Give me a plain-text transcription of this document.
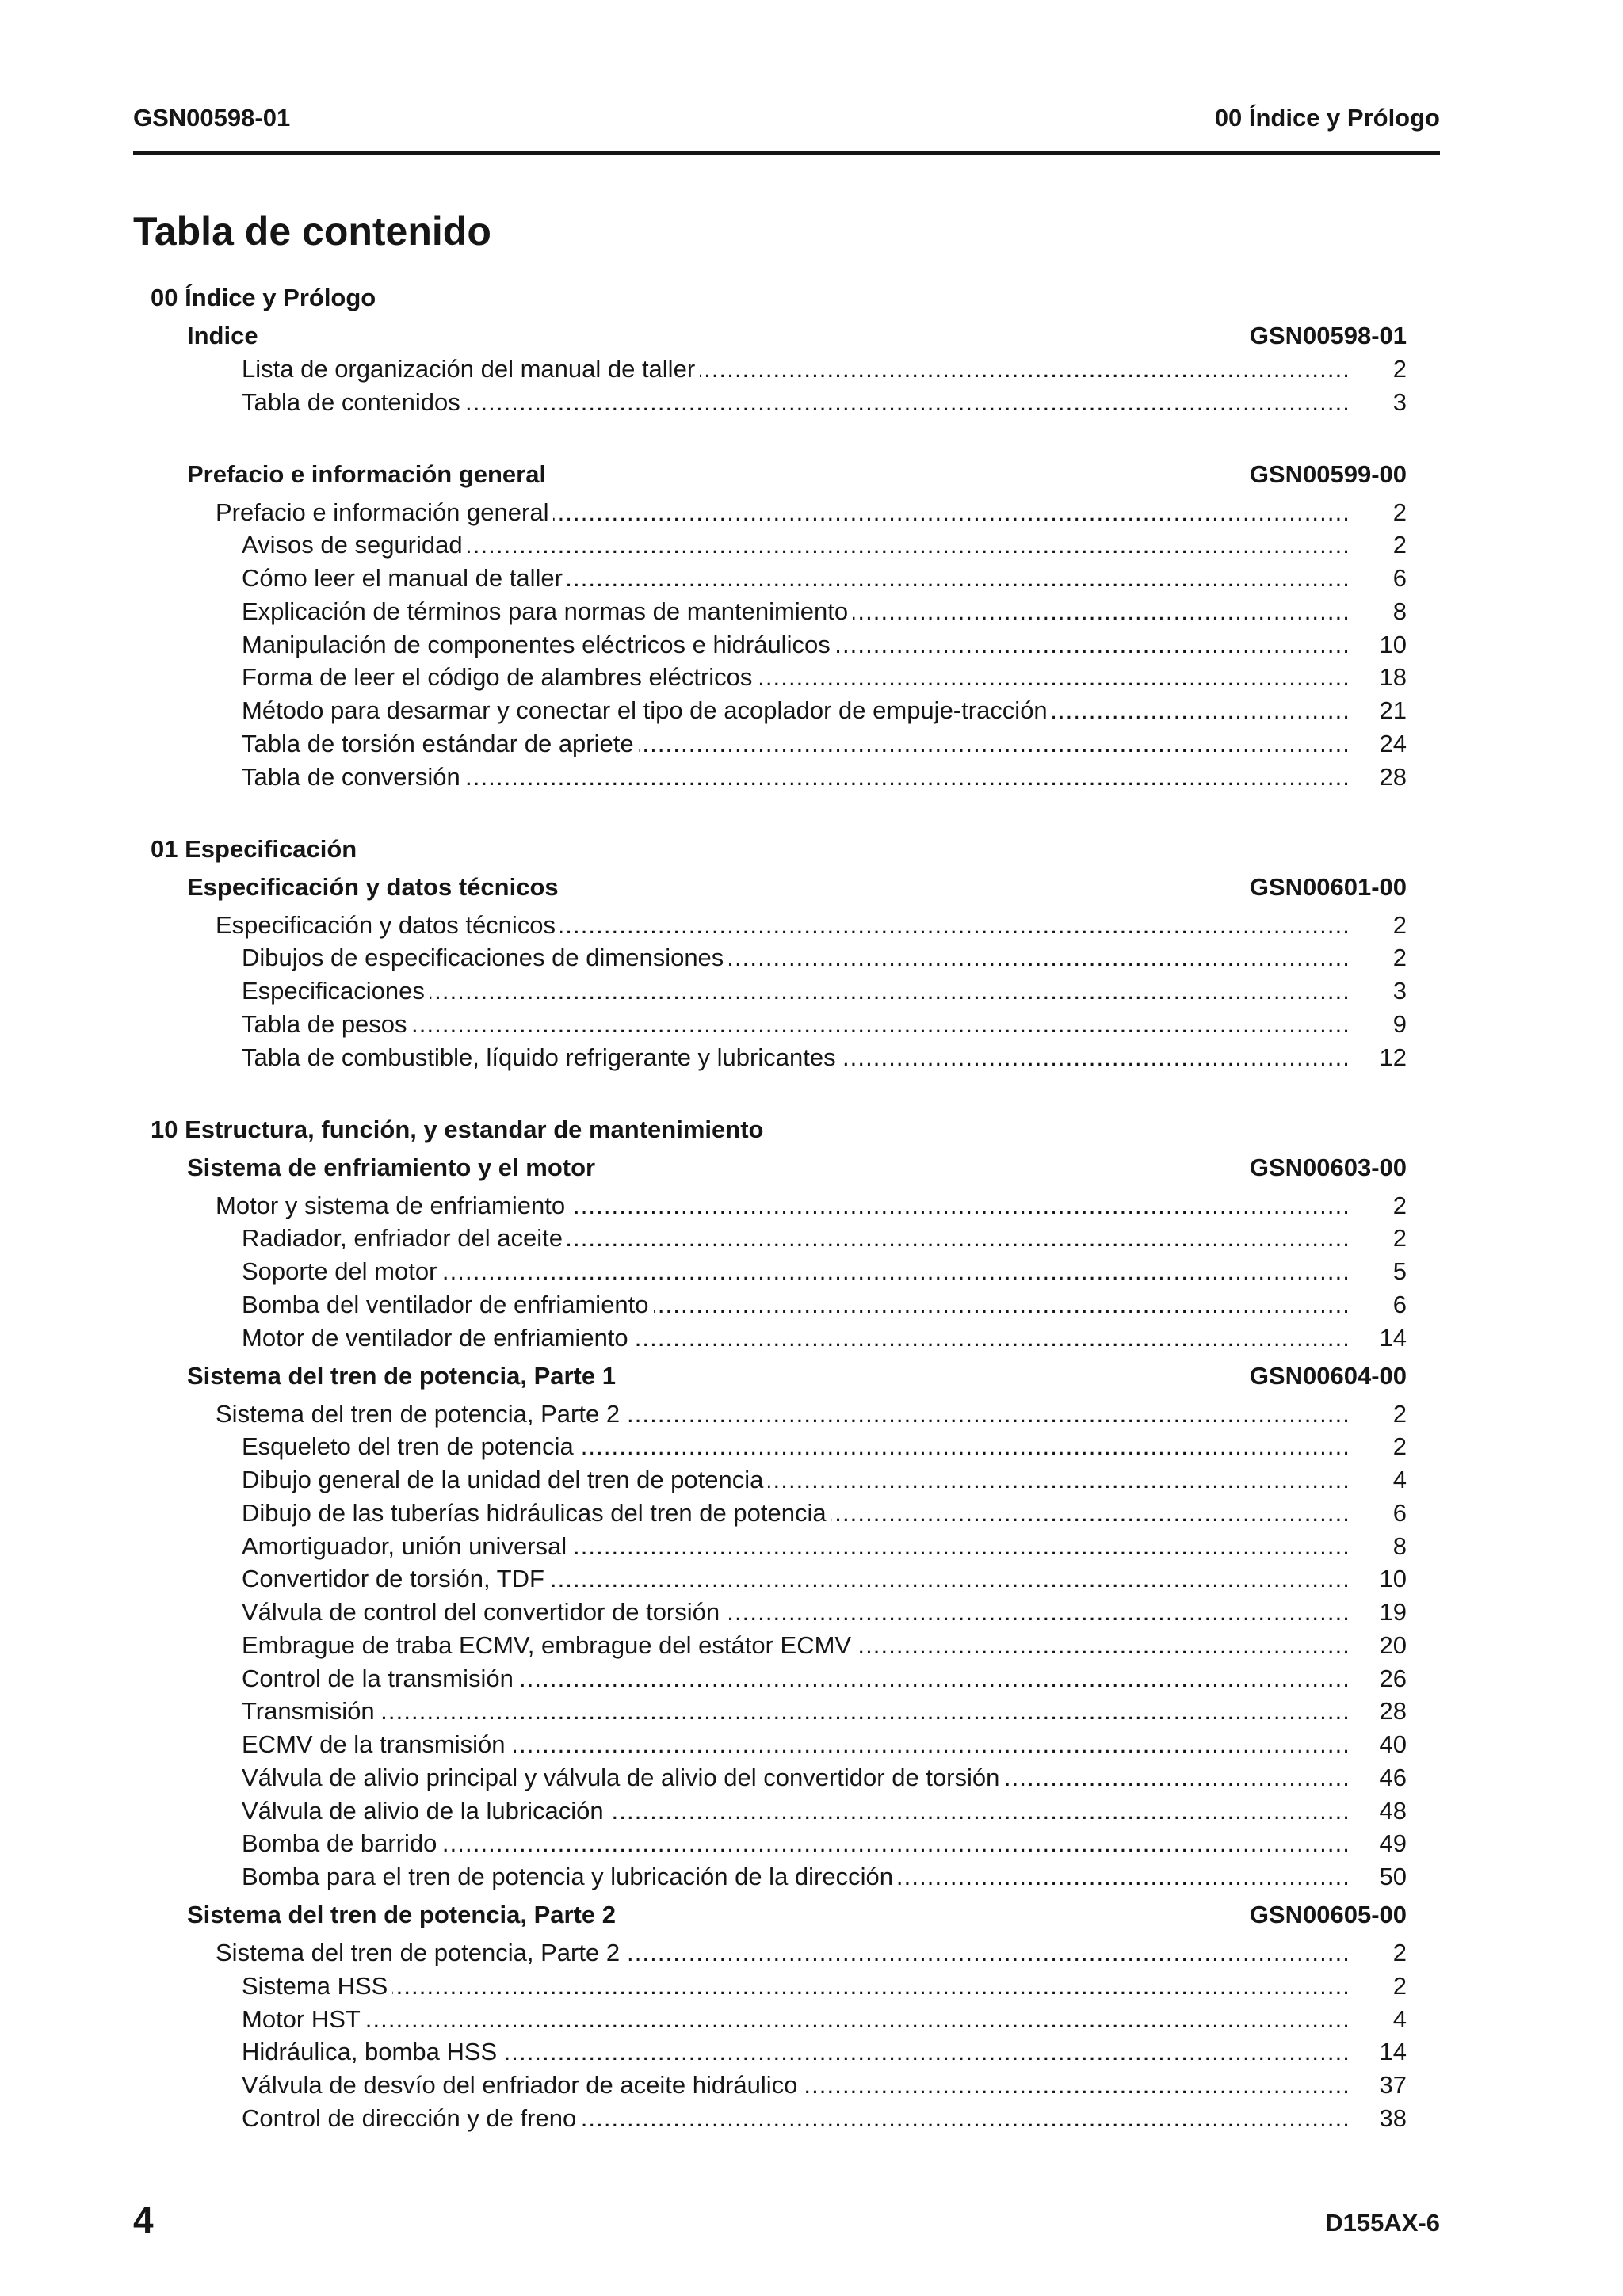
GSN00598-01	00 Índice y Prólogo
Tabla de contenido
00 Índice y Prólogo
Indice	GSN00598-01
Lista de organización del manual de taller .....	2
Tabla de contenidos .....	3
Prefacio e información general	GSN00599-00
Prefacio e información general .....	2
Avisos de seguridad .....	2
Cómo leer el manual de taller .....	6
Explicación de términos para normas de mantenimiento .....	8
Manipulación de componentes eléctricos e hidráulicos .....	10
Forma de leer el código de alambres eléctricos .....	18
Método para desarmar y conectar el tipo de acoplador de empuje-tracción .....	21
Tabla de torsión estándar de apriete .....	24
Tabla de conversión .....	28
01 Especificación
Especificación y datos técnicos	GSN00601-00
Especificación y datos técnicos .....	2
Dibujos de especificaciones de dimensiones .....	2
Especificaciones .....	3
Tabla de pesos .....	9
Tabla de combustible, líquido refrigerante y lubricantes .....	12
10 Estructura, función, y estandar de mantenimiento
Sistema de enfriamiento y el motor	GSN00603-00
Motor y sistema de enfriamiento .....	2
Radiador, enfriador del aceite .....	2
Soporte del motor .....	5
Bomba del ventilador de enfriamiento .....	6
Motor de ventilador de enfriamiento .....	14
Sistema del tren de potencia, Parte 1	GSN00604-00
Sistema del tren de potencia, Parte 2 .....	2
Esqueleto del tren de potencia .....	2
Dibujo general de la unidad del tren de potencia .....	4
Dibujo de las tuberías hidráulicas del tren de potencia .....	6
Amortiguador, unión universal .....	8
Convertidor de torsión, TDF .....	10
Válvula de control del convertidor de torsión .....	19
Embrague de traba ECMV, embrague del estátor ECMV .....	20
Control de la transmisión .....	26
Transmisión .....	28
ECMV de la transmisión .....	40
Válvula de alivio principal y válvula de alivio del convertidor de torsión .....	46
Válvula de alivio de la lubricación .....	48
Bomba de barrido .....	49
Bomba para el tren de potencia y lubricación de la dirección .....	50
Sistema del tren de potencia, Parte 2	GSN00605-00
Sistema del tren de potencia, Parte 2 .....	2
Sistema HSS .....	2
Motor HST .....	4
Hidráulica, bomba HSS .....	14
Válvula de desvío del enfriador de aceite hidráulico .....	37
Control de dirección y de freno .....	38
4	D155AX-6
